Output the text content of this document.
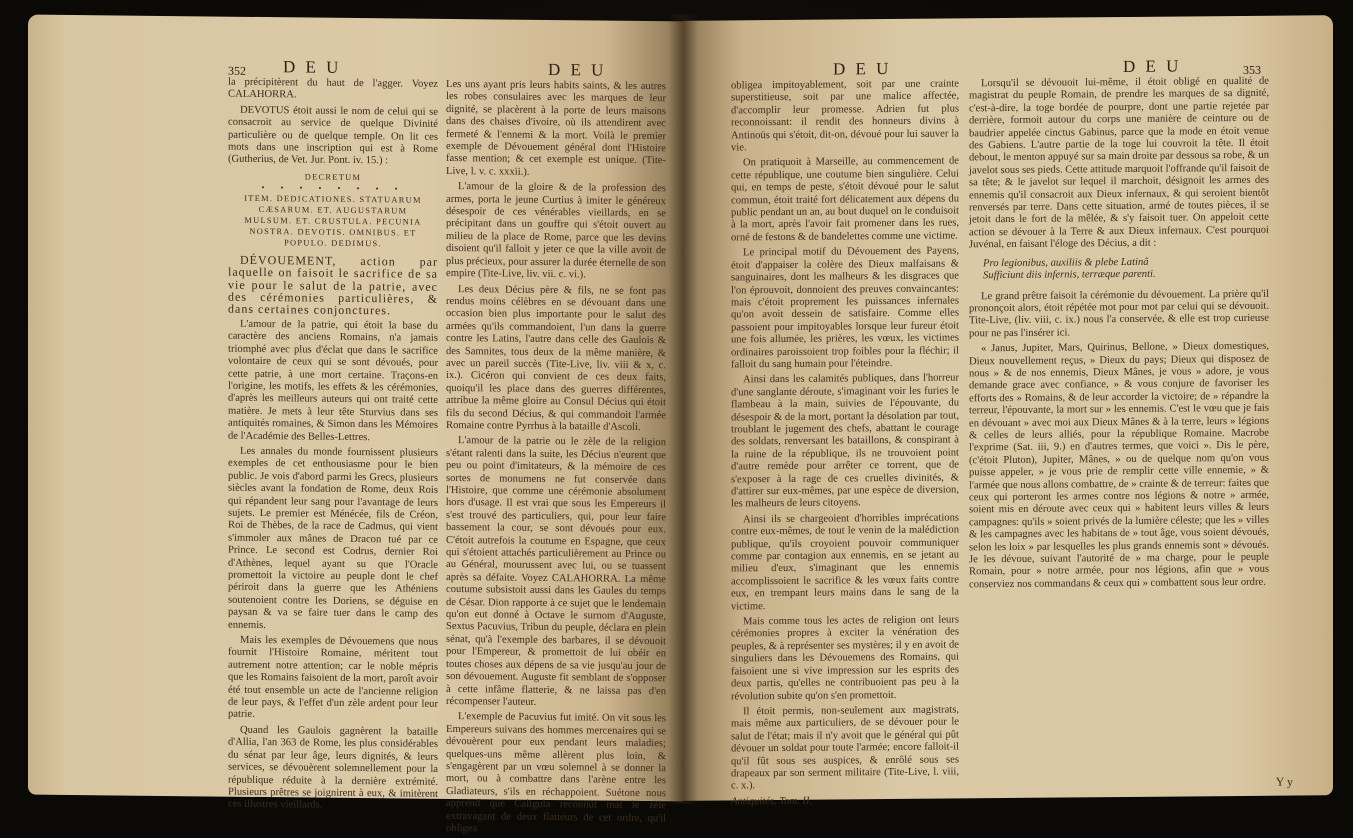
352 D E U	D E U

la précipitèrent du haut de l'agger. Voyez CALAHORRA.

DEVOTUS étoit aussi le nom de celui qui se consacroit au service de quelque Divinité particulière ou de quelque temple. On lit ces mots dans une inscription qui est à Rome (Gutherius, de Vet. Jur. Pont. iv. 15.) :

DECRETUM
• • • • • • • •
ITEM. DEDICATIONES. STATUARUM
CÆSARUM. ET. AUGUSTARUM
MULSUM. ET. CRUSTULA. PECUNIA
NOSTRA. DEVOTIS. OMNIBUS. ET
POPULO. DEDIMUS.

DÉVOUEMENT, action par laquelle on faisoit le sacrifice de sa vie pour le salut de la patrie, avec des cérémonies particulières, & dans certaines conjonctures.

L'amour de la patrie, qui étoit la base du caractère des anciens Romains, n'a jamais triomphé avec plus d'éclat que dans le sacrifice volontaire de ceux qui se sont dévoués, pour cette patrie, à une mort certaine. Traçons-en l'origine, les motifs, les effets & les cérémonies, d'après les meilleurs auteurs qui ont traité cette matière. Je mets à leur tête Sturvius dans ses antiquités romaines, & Simon dans les Mémoires de l'Académie des Belles-Lettres.

Les annales du monde fournissent plusieurs exemples de cet enthousiasme pour le bien public. Je vois d'abord parmi les Grecs, plusieurs siècles avant la fondation de Rome, deux Rois qui répandent leur sang pour l'avantage de leurs sujets. Le premier est Ménécée, fils de Créon, Roi de Thèbes, de la race de Cadmus, qui vient s'immoler aux mânes de Dracon tué par ce Prince. Le second est Codrus, dernier Roi d'Athènes, lequel ayant su que l'Oracle promettoit la victoire au peuple dont le chef périroit dans la guerre que les Athéniens soutenoient contre les Doriens, se déguise en paysan & va se faire tuer dans le camp des ennemis.

Mais les exemples de Dévouemens que nous fournit l'Histoire Romaine, méritent tout autrement notre attention; car le noble mépris que les Romains faisoient de la mort, paroît avoir été tout ensemble un acte de l'ancienne religion de leur pays, & l'effet d'un zèle ardent pour leur patrie.

Quand les Gaulois gagnèrent la bataille d'Allia, l'an 363 de Rome, les plus considérables du sénat par leur âge, leurs dignités, & leurs services, se dévouèrent solemnellement pour la république réduite à la dernière extrémité. Plusieurs prêtres se joignirent à eux, & imitèrent ces illustres vieillards.

Les uns ayant pris leurs habits saints, & les autres les robes consulaires avec les marques de leur dignité, se placèrent à la porte de leurs maisons dans des chaises d'ivoire, où ils attendirent avec fermeté & l'ennemi & la mort. Voilà le premier exemple de Dévouement général dont l'Histoire fasse mention; & cet exemple est unique. (Tite-Live, l. v. c. xxxii.).

L'amour de la gloire & de la profession des armes, porta le jeune Curtius à imiter le généreux désespoir de ces vénérables vieillards, en se précipitant dans un gouffre qui s'étoit ouvert au milieu de la place de Rome, parce que les devins disoient qu'il falloit y jeter ce que la ville avoit de plus précieux, pour assurer la durée éternelle de son empire (Tite-Live, liv. vii. c. vi.).

Les deux Décius père & fils, ne se font pas rendus moins célèbres en se dévouant dans une occasion bien plus importante pour le salut des armées qu'ils commandoient, l'un dans la guerre contre les Latins, l'autre dans celle des Gaulois & des Samnites, tous deux de la même manière, & avec un pareil succès (Tite-Live, liv. viii & x, c. ix.). Cicéron qui convient de ces deux faits, quoiqu'il les place dans des guerres différentes, attribue la même gloire au Consul Décius qui étoit fils du second Décius, & qui commandoit l'armée Romaine contre Pyrrhus à la bataille d'Ascoli.

L'amour de la patrie ou le zèle de la religion s'étant ralenti dans la suite, les Décius n'eurent que peu ou point d'imitateurs, & la mémoire de ces sortes de monumens ne fut conservée dans l'Histoire, que comme une cérémonie absolument hors d'usage. Il est vrai que sous les Empereurs il s'est trouvé des particuliers, qui, pour leur faire bassement la cour, se sont dévoués pour eux. C'étoit autrefois la coutume en Espagne, que ceux qui s'étoient attachés particulièrement au Prince ou au Général, mourussent avec lui, ou se tuassent après sa défaite. Voyez CALAHORRA. La même coutume subsistoit aussi dans les Gaules du temps de César. Dion rapporte à ce sujet que le lendemain qu'on eut donné à Octave le surnom d'Auguste, Sextus Pacuvius, Tribun du peuple, déclara en plein sénat, qu'à l'exemple des barbares, il se dévouoit pour l'Empereur, & promettoit de lui obéir en toutes choses aux dépens de sa vie jusqu'au jour de son dévouement. Auguste fit semblant de s'opposer à cette infâme flatterie, & ne laissa pas d'en récompenser l'auteur.

L'exemple de Pacuvius fut imité. On vit sous les Empereurs suivans des hommes mercenaires qui se dévouèrent pour eux pendant leurs maladies; quelques-uns même allèrent plus loin, & s'engagèrent par un vœu solemnel à se donner la mort, ou à combattre dans l'arène entre les Gladiateurs, s'ils en réchappoient. Suétone nous apprend que Caligula reconnut mal le zèle extravagant de deux flatteurs de cet ordre, qu'il obligea

D E U	D E U	353

obligea impitoyablement, soit par une crainte superstitieuse, soit par une malice affectée, d'accomplir leur promesse. Adrien fut plus reconnoissant: il rendit des honneurs divins à Antinoüs qui s'étoit, dit-on, dévoué pour lui sauver la vie.

On pratiquoit à Marseille, au commencement de cette république, une coutume bien singulière. Celui qui, en temps de peste, s'étoit dévoué pour le salut commun, étoit traité fort délicatement aux dépens du public pendant un an, au bout duquel on le conduisoit à la mort, après l'avoir fait promener dans les rues, orné de festons & de bandelettes comme une victime.

Le principal motif du Dévouement des Payens, étoit d'appaiser la colère des Dieux malfaisans & sanguinaires, dont les malheurs & les disgraces que l'on éprouvoit, donnoient des preuves convaincantes: mais c'étoit proprement les puissances infernales qu'on avoit dessein de satisfaire. Comme elles passoient pour impitoyables lorsque leur fureur étoit une fois allumée, les prières, les vœux, les victimes ordinaires paroissoient trop foibles pour la fléchir; il falloit du sang humain pour l'éteindre.

Ainsi dans les calamités publiques, dans l'horreur d'une sanglante déroute, s'imaginant voir les furies le flambeau à la main, suivies de l'épouvante, du désespoir & de la mort, portant la désolation par tout, troublant le jugement des chefs, abattant le courage des soldats, renversant les bataillons, & conspirant à la ruine de la république, ils ne trouvoient point d'autre remède pour arrêter ce torrent, que de s'exposer à la rage de ces cruelles divinités, & d'attirer sur eux-mêmes, par une espèce de diversion, les malheurs de leurs citoyens.

Ainsi ils se chargeoient d'horribles imprécations contre eux-mêmes, de tout le venin de la malédiction publique, qu'ils croyoient pouvoir communiquer comme par contagion aux ennemis, en se jetant au milieu d'eux, s'imaginant que les ennemis accomplissoient le sacrifice & les vœux faits contre eux, en trempant leurs mains dans le sang de la victime.

Mais comme tous les actes de religion ont leurs cérémonies propres à exciter la vénération des peuples, & à représenter ses mystères; il y en avoit de singuliers dans les Dévouemens des Romains, qui faisoient une si vive impression sur les esprits des deux partis, qu'elles ne contribuoient pas peu à la révolution subite qu'on s'en promettoit.

Il étoit permis, non-seulement aux magistrats, mais même aux particuliers, de se dévouer pour le salut de l'état; mais il n'y avoit que le général qui pût dévouer un soldat pour toute l'armée; encore falloit-il qu'il fût sous ses auspices, & enrôlé sous ses drapeaux par son serment militaire (Tite-Live, l. viii, c. x.).

Antiquités, Tom. II.

Lorsqu'il se dévouoit lui-même, il étoit obligé en qualité de magistrat du peuple Romain, de prendre les marques de sa dignité, c'est-à-dire, la toge bordée de pourpre, dont une partie rejetée par derrière, formoit autour du corps une manière de ceinture ou de baudrier appelée cinctus Gabinus, parce que la mode en étoit venue des Gabiens. L'autre partie de la toge lui couvroit la tête. Il étoit debout, le menton appuyé sur sa main droite par dessous sa robe, & un javelot sous ses pieds. Cette attitude marquoit l'offrande qu'il faisoit de sa tête; & le javelot sur lequel il marchoit, désignoit les armes des ennemis qu'il consacroit aux Dieux infernaux, & qui seroient bientôt renversés par terre. Dans cette situation, armé de toutes pièces, il se jetoit dans le fort de la mêlée, & s'y faisoit tuer. On appeloit cette action se dévouer à la Terre & aux Dieux infernaux. C'est pourquoi Juvénal, en faisant l'éloge des Décius, a dit :

Pro legionibus, auxiliis & plebe Latinâ
Sufficiunt diis infernis, terræque parenti.

Le grand prêtre faisoit la cérémonie du dévouement. La prière qu'il prononçoit alors, étoit répétée mot pour mot par celui qui se dévouoit. Tite-Live, (liv. viii, c. ix.) nous l'a conservée, & elle est trop curieuse pour ne pas l'insérer ici.

« Janus, Jupiter, Mars, Quirinus, Bellone, » Dieux domestiques, Dieux nouvellement reçus, » Dieux du pays; Dieux qui disposez de nous » & de nos ennemis, Dieux Mânes, je vous » adore, je vous demande grace avec confiance, » & vous conjure de favoriser les efforts des » Romains, & de leur accorder la victoire; de » répandre la terreur, l'épouvante, la mort sur » les ennemis. C'est le vœu que je fais en dévouant » avec moi aux Dieux Mânes & à la terre, leurs » légions & celles de leurs alliés, pour la république Romaine. Macrobe l'exprime (Sat. iii, 9.) en d'autres termes, que voici ». Dis le père, (c'étoit Pluton), Jupiter, Mânes, » ou de quelque nom qu'on vous puisse appeler, » je vous prie de remplir cette ville ennemie, » & l'armée que nous allons combattre, de » crainte & de terreur: faites que ceux qui porteront les armes contre nos légions & notre » armée, soient mis en déroute avec ceux qui » habitent leurs villes & leurs campagnes: qu'ils » soient privés de la lumière céleste; que les » villes & les campagnes avec les habitans de » tout âge, vous soient dévoués, selon les loix » par lesquelles les plus grands ennemis sont » dévoués. Je les dévoue, suivant l'autorité de » ma charge, pour le peuple Romain, pour » notre armée, pour nos légions, afin que » vous conserviez nos commandans & ceux qui » combattent sous leur ordre.

Y y
